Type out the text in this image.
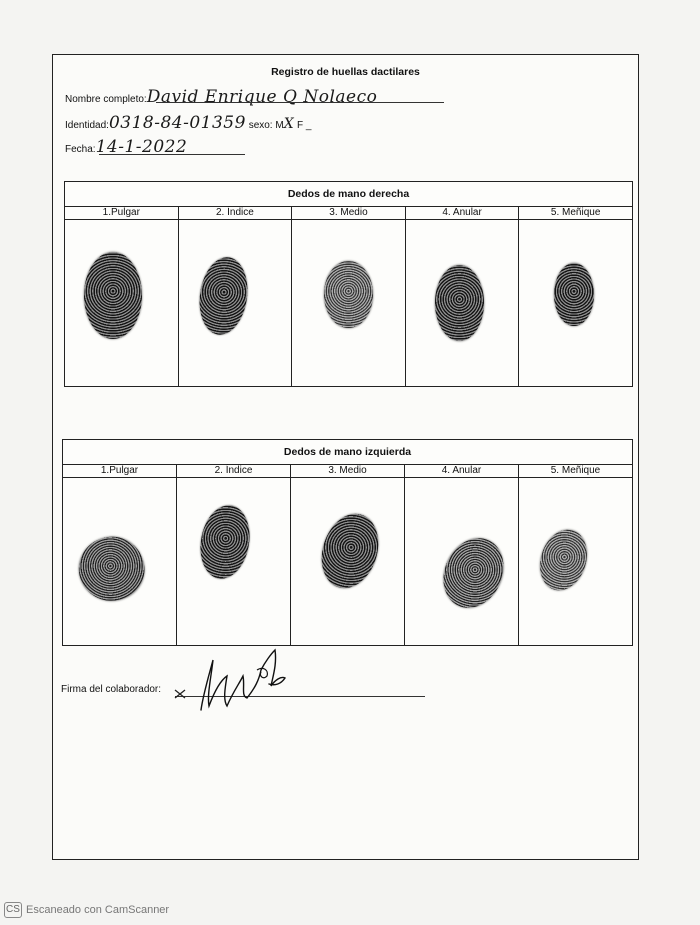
Registro de huellas dactilares
Nombre completo:David Enrique Q Nolaeco
Identidad:0318-84-01359 sexo: MX F _
Fecha:14-1-2022
Dedos de mano derecha
1.Pulgar	2. Índice	3. Medio	4. Anular	5. Meñique
Dedos de mano izquierda
1.Pulgar	2. Índice	3. Medio	4. Anular	5. Meñique
Firma del colaborador:
CS Escaneado con CamScanner
